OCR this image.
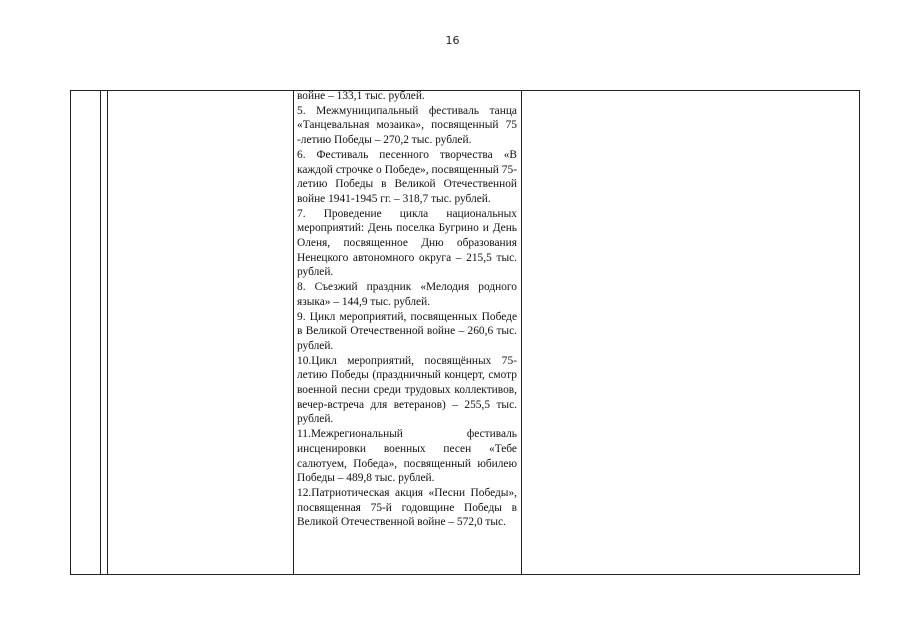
16

войне – 133,1 тыс. рублей.

5. Межмуниципальный фестиваль танца «Танцевальная мозаика», посвященный 75 -летию Победы – 270,2 тыс. рублей.

6. Фестиваль песенного творчества «В каждой строчке о Победе», посвященный 75- летию Победы в Великой Отечественной войне 1941-1945 гг. – 318,7 тыс. рублей.

7. Проведение цикла национальных мероприятий: День поселка Бугрино и День Оленя, посвященное Дню образования Ненецкого автономного округа – 215,5 тыс. рублей.

8. Съезжий праздник «Мелодия родного языка» – 144,9 тыс. рублей.

9. Цикл мероприятий, посвященных Победе в Великой Отечественной войне – 260,6 тыс. рублей.

10.Цикл мероприятий, посвящённых 75-летию Победы (праздничный концерт, смотр военной песни среди трудовых коллективов, вечер-встреча для ветеранов) – 255,5 тыс. рублей.

11.Межрегиональный фестиваль инсценировки военных песен «Тебе салютуем, Победа», посвященный юбилею Победы – 489,8 тыс. рублей.

12.Патриотическая акция «Песни Победы», посвященная 75-й годовщине Победы в Великой Отечественной войне – 572,0 тыс.
